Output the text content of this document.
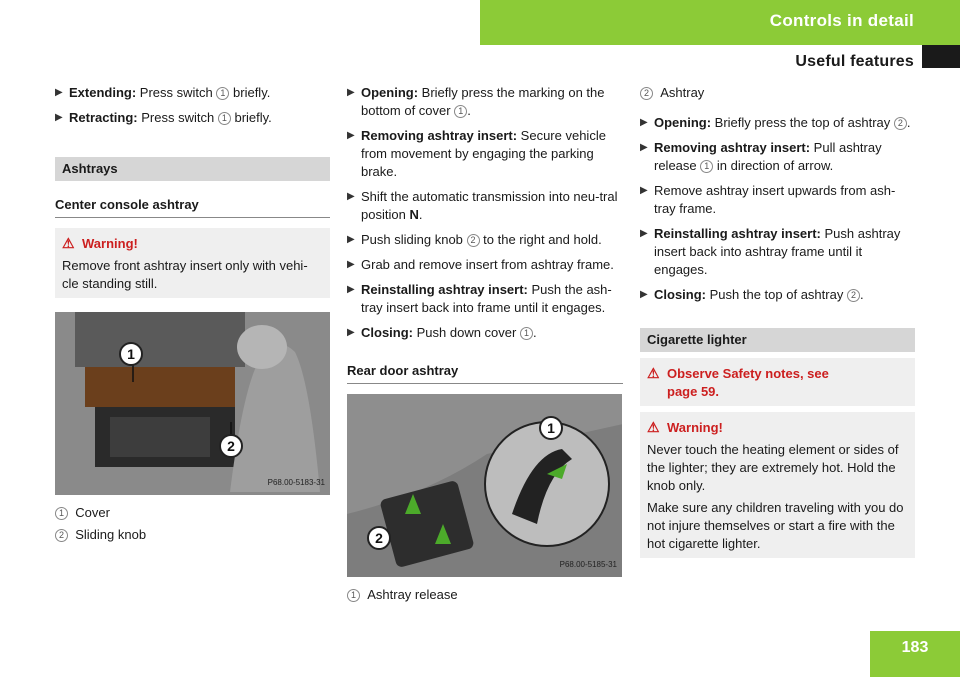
Controls in detail
Useful features
▶ Extending: Press switch 1 briefly.
▶ Retracting: Press switch 1 briefly.
Ashtrays
Center console ashtray
⚠ Warning!

Remove front ashtray insert only with vehi-cle standing still.

1
2
P68.00-5183-31
1 Cover
2 Sliding knob
▶ Opening: Briefly press the marking on the bottom of cover 1 .
▶ Removing ashtray insert: Secure vehicle from movement by engaging the parking brake.
▶ Shift the automatic transmission into neu-tral position N.
▶ Push sliding knob 2 to the right and hold.
▶ Grab and remove insert from ashtray frame.
▶ Reinstalling ashtray insert: Push the ash-tray insert back into frame until it engages.
▶ Closing: Push down cover 1 .
Rear door ashtray
1
2
P68.00-5185-31
1 Ashtray release
2 Ashtray
▶ Opening: Briefly press the top of ashtray 2 .
▶ Removing ashtray insert: Pull ashtray release 1 in direction of arrow.
▶ Remove ashtray insert upwards from ash-tray frame.
▶ Reinstalling ashtray insert: Push ashtray insert back into ashtray frame until it engages.
▶ Closing: Push the top of ashtray 2 .
Cigarette lighter
⚠ Observe Safety notes, see
page 59.
⚠ Warning!

Never touch the heating element or sides of the lighter; they are extremely hot. Hold the knob only.

Make sure any children traveling with you do not injure themselves or start a fire with the hot cigarette lighter.

183
